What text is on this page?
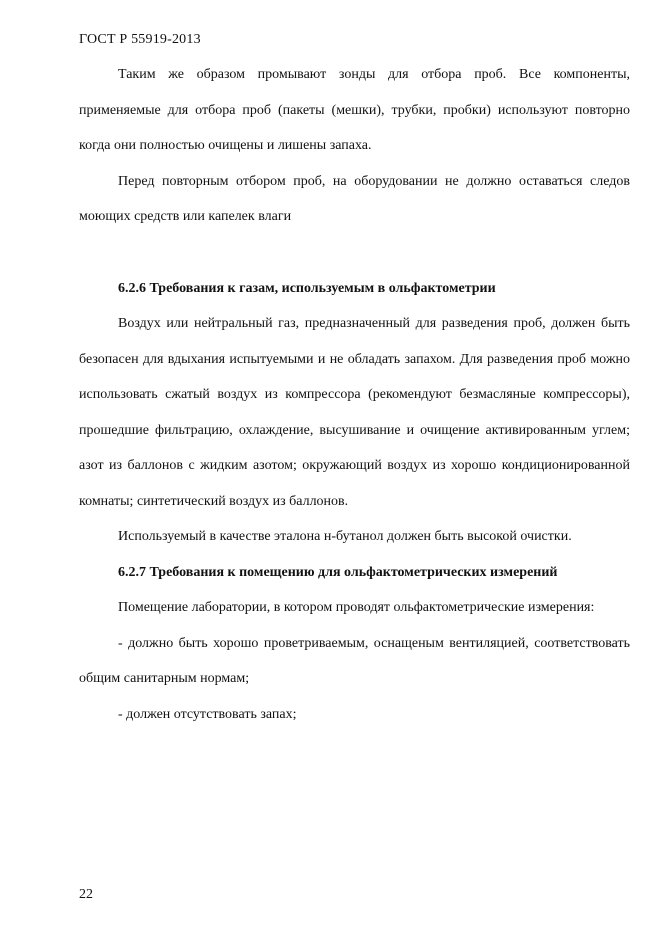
ГОСТ Р 55919-2013

Таким же образом промывают зонды для отбора проб. Все компоненты, применяемые для отбора проб (пакеты (мешки), трубки, пробки) используют повторно когда они полностью очищены и лишены запаха.

Перед повторным отбором проб, на оборудовании не должно оставаться следов моющих средств или капелек влаги

6.2.6 Требования к газам, используемым в ольфактометрии

Воздух или нейтральный газ, предназначенный для разведения проб, должен быть безопасен для вдыхания испытуемыми и не обладать запахом. Для разведения проб можно использовать сжатый воздух из компрессора (рекомендуют безмасляные компрессоры), прошедшие фильтрацию, охлаждение, высушивание и очищение активированным углем; азот из баллонов с жидким азотом; окружающий воздух из хорошо кондиционированной комнаты; синтетический воздух из баллонов.

Используемый в качестве эталона н-бутанол должен быть высокой очистки.

6.2.7 Требования к помещению для ольфактометрических измерений

Помещение лаборатории, в котором проводят ольфактометрические измерения:

- должно быть хорошо проветриваемым, оснащеным вентиляцией, соответствовать общим санитарным нормам;

- должен отсутствовать запах;

22
